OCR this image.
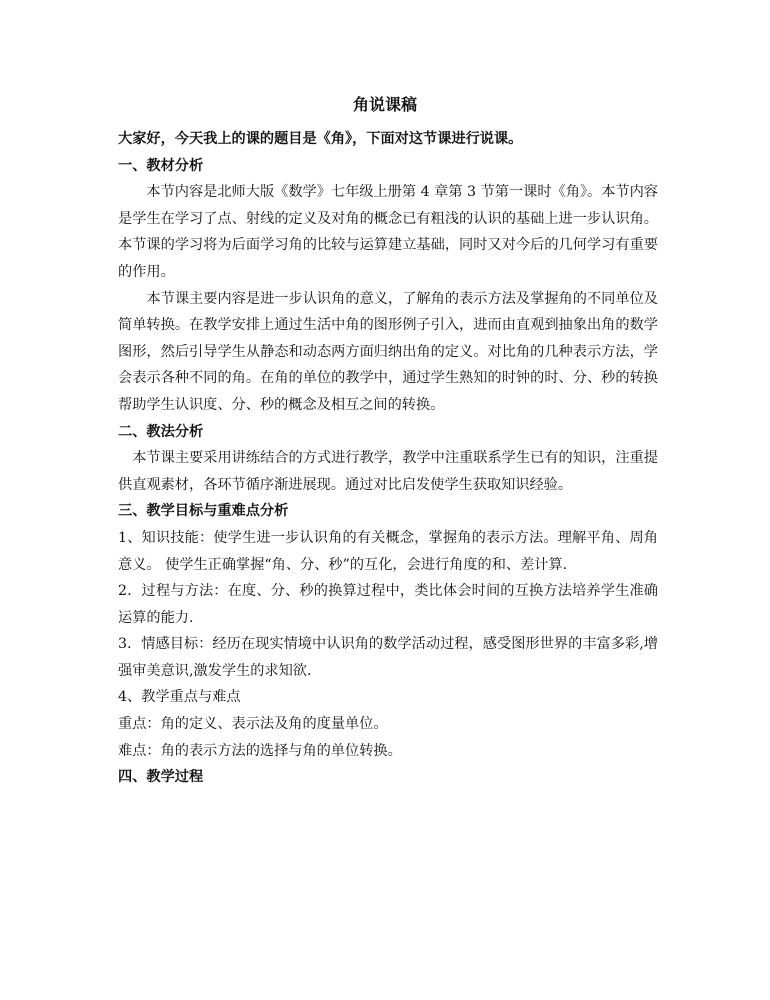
角说课稿

大家好，今天我上的课的题目是《角》，下面对这节课进行说课。

一、教材分析

本节内容是北师大版《数学》七年级上册第 4 章第 3 节第一课时《角》。本节内容是学生在学习了点、射线的定义及对角的概念已有粗浅的认识的基础上进一步认识角。本节课的学习将为后面学习角的比较与运算建立基础，同时又对今后的几何学习有重要的作用。

本节课主要内容是进一步认识角的意义，了解角的表示方法及掌握角的不同单位及简单转换。在教学安排上通过生活中角的图形例子引入，进而由直观到抽象出角的数学图形，然后引导学生从静态和动态两方面归纳出角的定义。对比角的几种表示方法，学会表示各种不同的角。在角的单位的教学中，通过学生熟知的时钟的时、分、秒的转换帮助学生认识度、分、秒的概念及相互之间的转换。

二、教法分析

本节课主要采用讲练结合的方式进行教学，教学中注重联系学生已有的知识，注重提供直观素材，各环节循序渐进展现。通过对比启发使学生获取知识经验。

三、教学目标与重难点分析

1、知识技能：使学生进一步认识角的有关概念，掌握角的表示方法。理解平角、周角意义。 使学生正确掌握“角、分、秒”的互化，会进行角度的和、差计算.

2．过程与方法：在度、分、秒的换算过程中，类比体会时间的互换方法培养学生准确运算的能力.

3．情感目标：经历在现实情境中认识角的数学活动过程，感受图形世界的丰富多彩,增强审美意识,激发学生的求知欲.

4、教学重点与难点

重点：角的定义、表示法及角的度量单位。

难点：角的表示方法的选择与角的单位转换。

四、教学过程
